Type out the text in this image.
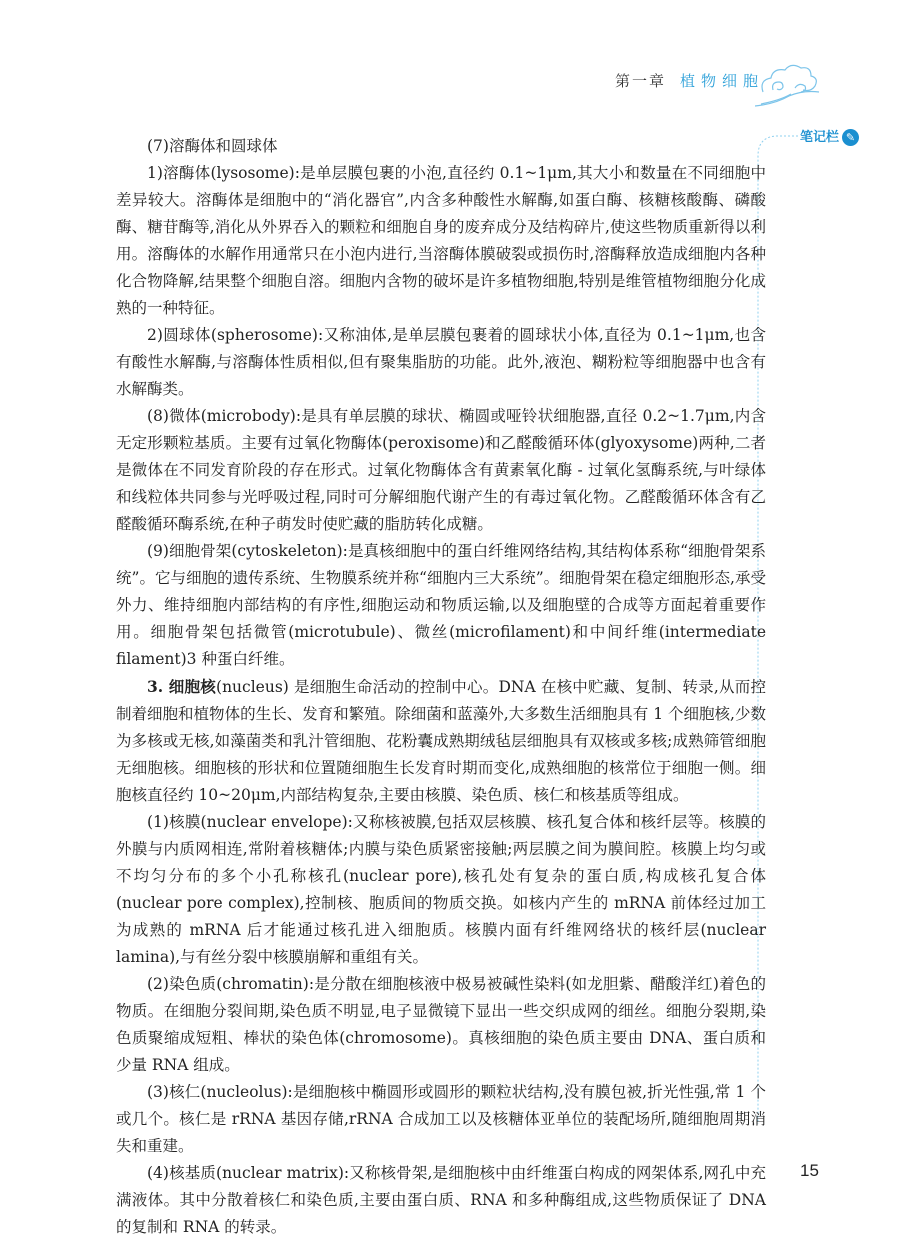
第一章 植物细胞
笔记栏 ✎

(7)溶酶体和圆球体

1)溶酶体(lysosome):是单层膜包裹的小泡,直径约 0.1~1μm,其大小和数量在不同细胞中差异较大。溶酶体是细胞中的“消化器官”,内含多种酸性水解酶,如蛋白酶、核糖核酸酶、磷酸酶、糖苷酶等,消化从外界吞入的颗粒和细胞自身的废弃成分及结构碎片,使这些物质重新得以利用。溶酶体的水解作用通常只在小泡内进行,当溶酶体膜破裂或损伤时,溶酶释放造成细胞内各种化合物降解,结果整个细胞自溶。细胞内含物的破坏是许多植物细胞,特别是维管植物细胞分化成熟的一种特征。

2)圆球体(spherosome):又称油体,是单层膜包裹着的圆球状小体,直径为 0.1~1μm,也含有酸性水解酶,与溶酶体性质相似,但有聚集脂肪的功能。此外,液泡、糊粉粒等细胞器中也含有水解酶类。

(8)微体(microbody):是具有单层膜的球状、椭圆或哑铃状细胞器,直径 0.2~1.7μm,内含无定形颗粒基质。主要有过氧化物酶体(peroxisome)和乙醛酸循环体(glyoxysome)两种,二者是微体在不同发育阶段的存在形式。过氧化物酶体含有黄素氧化酶 - 过氧化氢酶系统,与叶绿体和线粒体共同参与光呼吸过程,同时可分解细胞代谢产生的有毒过氧化物。乙醛酸循环体含有乙醛酸循环酶系统,在种子萌发时使贮藏的脂肪转化成糖。

(9)细胞骨架(cytoskeleton):是真核细胞中的蛋白纤维网络结构,其结构体系称“细胞骨架系统”。它与细胞的遗传系统、生物膜系统并称“细胞内三大系统”。细胞骨架在稳定细胞形态,承受外力、维持细胞内部结构的有序性,细胞运动和物质运输,以及细胞壁的合成等方面起着重要作用。细胞骨架包括微管(microtubule)、微丝(microfilament)和中间纤维(intermediate filament)3 种蛋白纤维。

3. 细胞核(nucleus) 是细胞生命活动的控制中心。DNA 在核中贮藏、复制、转录,从而控制着细胞和植物体的生长、发育和繁殖。除细菌和蓝藻外,大多数生活细胞具有 1 个细胞核,少数为多核或无核,如藻菌类和乳汁管细胞、花粉囊成熟期绒毡层细胞具有双核或多核;成熟筛管细胞无细胞核。细胞核的形状和位置随细胞生长发育时期而变化,成熟细胞的核常位于细胞一侧。细胞核直径约 10~20μm,内部结构复杂,主要由核膜、染色质、核仁和核基质等组成。

(1)核膜(nuclear envelope):又称核被膜,包括双层核膜、核孔复合体和核纤层等。核膜的外膜与内质网相连,常附着核糖体;内膜与染色质紧密接触;两层膜之间为膜间腔。核膜上均匀或不均匀分布的多个小孔称核孔(nuclear pore),核孔处有复杂的蛋白质,构成核孔复合体(nuclear pore complex),控制核、胞质间的物质交换。如核内产生的 mRNA 前体经过加工为成熟的 mRNA 后才能通过核孔进入细胞质。核膜内面有纤维网络状的核纤层(nuclear lamina),与有丝分裂中核膜崩解和重组有关。

(2)染色质(chromatin):是分散在细胞核液中极易被碱性染料(如龙胆紫、醋酸洋红)着色的物质。在细胞分裂间期,染色质不明显,电子显微镜下显出一些交织成网的细丝。细胞分裂期,染色质聚缩成短粗、棒状的染色体(chromosome)。真核细胞的染色质主要由 DNA、蛋白质和少量 RNA 组成。

(3)核仁(nucleolus):是细胞核中椭圆形或圆形的颗粒状结构,没有膜包被,折光性强,常 1 个或几个。核仁是 rRNA 基因存储,rRNA 合成加工以及核糖体亚单位的装配场所,随细胞周期消失和重建。

(4)核基质(nuclear matrix):又称核骨架,是细胞核中由纤维蛋白构成的网架体系,网孔中充满液体。其中分散着核仁和染色质,主要由蛋白质、RNA 和多种酶组成,这些物质保证了 DNA 的复制和 RNA 的转录。

15
